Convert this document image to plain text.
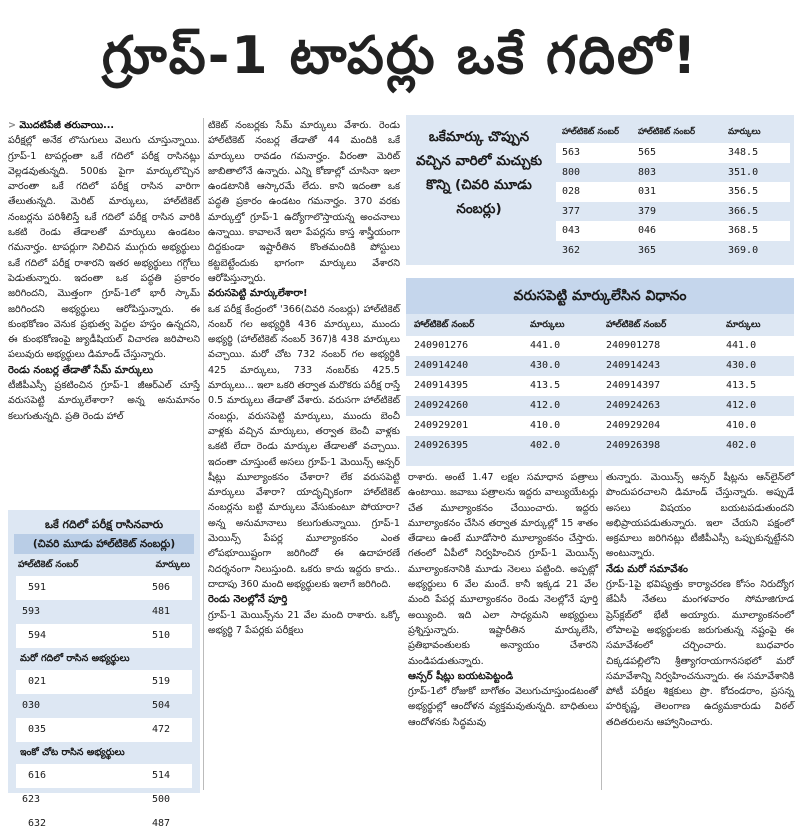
గ్రూప్‌-1 టాపర్లు ఒకే గదిలో!

> మొదటిపేజీ తరువాయి...

పరీక్షల్లో అనేక లొసుగులు వెలుగు చూస్తున్నాయి. గ్రూప్‌-1 టాపర్లంతా ఒకే గదిలో పరీక్ష రాసినట్లు వెల్లడవుతున్నది. 500కు పైగా మార్కులొచ్చిన వారంతా ఒకే గదిలో పరీక్ష రాసిన వారిగా తేలుతున్నది. మెరిట్‌ మార్కులు, హాల్‌టికెట్‌ నంబర్లను పరిశీలిస్తే ఒకే గదిలో పరీక్ష రాసిన వారికి ఒకటి రెండు తేడాలతో మార్కులు ఉండటం గమనార్హం. టాపర్లుగా నిలిచిన ముగ్గురు అభ్యర్థులు ఒకే గదిలో పరీక్ష రాశారని ఇతర అభ్యర్థులు గగ్గోలు పెడుతున్నారు. ఇదంతా ఒక పద్ధతి ప్రకారం జరిగిందని, మొత్తంగా గ్రూప్‌-1లో భారీ స్కామ్‌ జరిగిందని అభ్యర్థులు ఆరోపిస్తున్నారు. ఈ కుంభకోణం వెనుక ప్రభుత్వ పెద్దల హస్తం ఉన్నదని, ఈ కుంభకోణంపై జ్యుడీషియల్‌ విచారణ జరిపాలని పలువురు అభ్యర్థులు డిమాండ్‌ చేస్తున్నారు.

రెండు నంబర్ల తేడాతో సేమ్‌ మార్కులు

టీజీపీఎస్సీ ప్రకటించిన గ్రూప్‌-1 జీఆర్‌ఎల్‌ చూస్తే వరుసపెట్టి మార్కులేశారా? అన్న అనుమానం కలుగుతున్నది. ప్రతి రెండు హాల్‌

ఒకే గదిలో పరీక్ష రాసినవారు
(చివరి మూడు హాల్‌టికెట్‌ నంబర్లు)
హాల్‌టికెట్‌ నంబర్‌	మార్కులు
591	506
593	481
594	510
మరో గదిలో రాసిన అభ్యర్థులు
021	519
030	504
035	472
ఇంకో చోట రాసిన అభ్యర్థులు
616	514
623	500
632	487

టికెట్‌ నంబర్లకు సేమ్‌ మార్కులు వేశారు. రెండు హాల్‌టికెట్‌ నంబర్ల తేడాతో 44 మందికి ఒకే మార్కులు రావడం గమనార్హం. వీరంతా మెరిట్‌ జాబితాలోనే ఉన్నారు. ఎన్ని కోణాల్లో చూసినా ఇలా ఉండటానికి ఆస్కారమే లేదు. కాని ఇదంతా ఒక పద్ధతి ప్రకారం ఉండటం గమనార్హం. 370 వరకు మార్కుల్తో గ్రూప్‌-1 ఉద్యోగాలొస్తాయన్న అంచనాలు ఉన్నాయి. కావాలనే ఇలా పేపర్లను కాస్త శాస్త్రీయంగా దిద్దకుండా ఇష్టారీతిన కొంతమందికి పోస్టులు కట్టబెట్టేందుకు భాగంగా మార్కులు వేశారని ఆరోపిస్తున్నారు.

వరుసపెట్టి మార్కులేశారా!

ఒక పరీక్ష కేంద్రంలో '366(చివరి నంబర్లు) హాల్‌టికెట్‌ నంబర్‌ గల అభ్యర్థికి 436 మార్కులు, ముందు అభ్యర్థి (హాల్‌టికెట్‌ నంబర్‌ 367)కి 438 మార్కులు వచ్చాయి. మరో చోట 732 నంబర్‌ గల అభ్యర్థికి 425 మార్కులు, 733 నంబర్‌కు 425.5 మార్కులు... ఇలా ఒకరి తర్వాత మరొకరు పరీక్ష రాస్తే 0.5 మార్కులు తేడాతో వేశారు. వరుసగా హాల్‌టికెట్‌ నంబర్లు, వరుసపెట్టి మార్కులు, ముందు బెంచీ వాళ్లకు వచ్చిన మార్కులు, తర్వాత బెంచీ వాళ్లకు ఒకటి లేదా రెండు మార్కుల తేడాలతో వచ్చాయి. ఇదంతా చూస్తుంటే అసలు గ్రూప్‌-1 మెయిన్స్‌ ఆన్సర్‌ షీట్లు మూల్యాంకనం చేశారా? లేక వరుసపెట్టి మార్కులు వేశారా? యాదృచ్ఛికంగా హాల్‌టికెట్‌ నంబర్లను బట్టి మార్కులు వేసుకుంటూ పోయారా? అన్న అనుమానాలు కలుగుతున్నాయి. గ్రూప్‌-1 మెయిన్స్‌ పేపర్ల మూల్యాంకనం ఎంత లోపభూయిష్టంగా జరిగిందో ఈ ఉదాహరణే నిదర్శనంగా నిలుస్తుంది. ఒకరు కాదు ఇద్దరు కాదు.. దాదాపు 360 మంది అభ్యర్థులకు ఇలాగే జరిగింది.

రెండు నెలల్లోనే పూర్తి

గ్రూప్‌-1 మెయిన్స్‌ను 21 వేల మంది రాశారు. ఒక్కో అభ్యర్థి 7 పేపర్లకు పరీక్షలు

ఒకేమార్కు చొప్పున వచ్చిన వారిలో మచ్చుకు కొన్ని (చివరి మూడు నంబర్లు)
హాల్‌టికెట్‌ నంబర్‌	హాల్‌టికెట్‌ నంబర్‌	మార్కులు
563	565	348.5
800	803	351.0
028	031	356.5
377	379	366.5
043	046	368.5
362	365	369.0
వరుసపెట్టి మార్కులేసిన విధానం
హాల్‌టికెట్‌ నంబర్‌	మార్కులు	హాల్‌టికెట్‌ నంబర్‌	మార్కులు
240901276	441.0	240901278	441.0
240914240	430.0	240914243	430.0
240914395	413.5	240914397	413.5
240924260	412.0	240924263	412.0
240929201	410.0	240929204	410.0
240926395	402.0	240926398	402.0

రాశారు. అంటే 1.47 లక్షల సమాధాన పత్రాలు ఉంటాయి. జవాబు పత్రాలను ఇద్దరు వాల్యుయేటర్లు చేత మూల్యాంకనం చేయించారు. ఇద్దరు మూల్యాంకనం చేసిన తర్వాత మార్కుల్లో 15 శాతం తేడాలు ఉంటే మూడోసారి మూల్యాంకనం చేస్తారు. గతంలో ఏపీలో నిర్వహించిన గ్రూప్‌-1 మెయిన్స్‌ మూల్యాంకనానికి మూడు నెలలు పట్టింది. అప్పట్లో అభ్యర్థులు 6 వేల మందే. కానీ ఇక్కడ 21 వేల మంది పేపర్ల మూల్యాంకనం రెండు నెలల్లోనే పూర్తి అయ్యింది. ఇది ఎలా సాధ్యమని అభ్యర్థులు ప్రశ్నిస్తున్నారు. ఇష్టారీతిన మార్కులేసి, ప్రతిభావంతులకు అన్యాయం చేశారని మండిపడుతున్నారు.

ఆన్సర్‌ షీట్లు బయటపెట్టండి

గ్రూప్‌-1లో రోజుకో బాగోతం వెలుగుచూస్తుండటంతో అభ్యర్థుల్లో ఆందోళన వ్యక్తమవుతున్నది. బాధితులు ఆందోళనకు సిద్ధమవు

తున్నారు. మెయిన్స్‌ ఆన్సర్‌ షీట్లను ఆన్‌లైన్‌లో పొందుపరచాలని డిమాండ్‌ చేస్తున్నారు. అప్పుడే అసలు విషయం బయటపడుతుందని అభిప్రాయపడుతున్నారు. ఇలా చేయని పక్షంలో అక్రమాలు జరిగినట్లు టీజీపీఎస్సీ ఒప్పుకున్నట్టేనని అంటున్నారు.

నేడు మరో సమావేశం

గ్రూప్‌-1పై భవిష్యత్తు కార్యాచరణ కోసం నిరుద్యోగ జేఏసీ నేతలు మంగళవారం సోమాజిగూడ ప్రెస్‌క్లబ్‌లో భేటీ అయ్యారు. మూల్యాంకనంలో లోపాలపై అభ్యర్థులకు జరుగుతున్న నష్టంపై ఈ సమావేశంలో చర్చించారు. బుధవారం చిక్కడపల్లిలోని శ్రీత్యాగరాయగానసభలో మరో సమావేశాన్ని నిర్వహించనున్నారు. ఈ సమావేశానికి పోటీ పరీక్షల శిక్షకులు ప్రొ. కోదండరాం, ప్రసన్న హరికృష్ణ, తెలంగాణ ఉద్యమకారుడు విఠల్‌ తదితరులను ఆహ్వానించారు.
